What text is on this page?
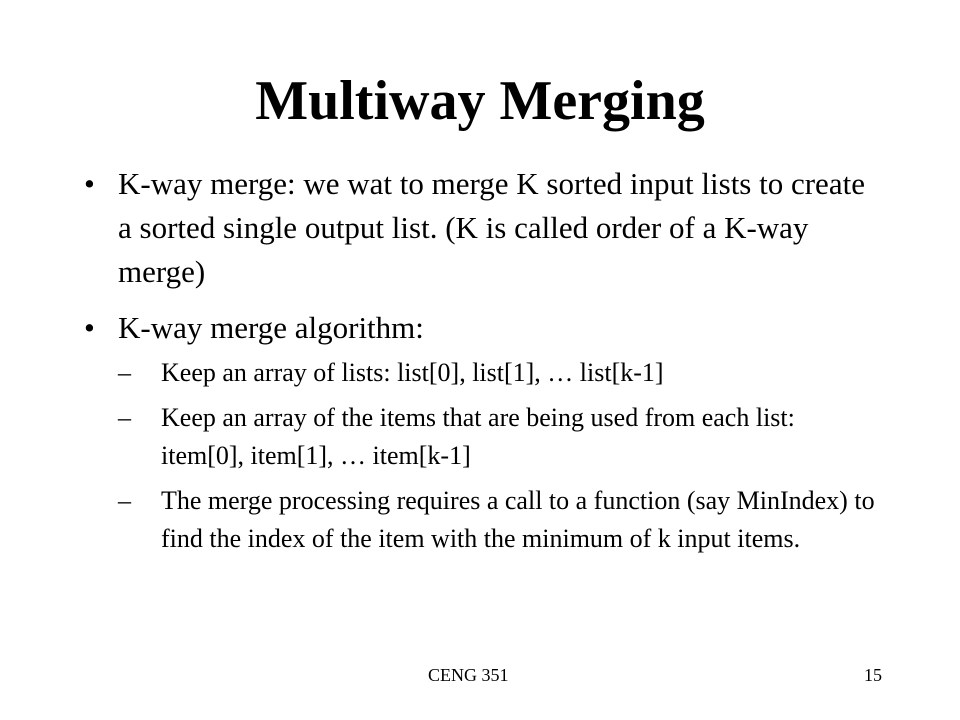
Multiway Merging
• K-way merge: we wat to merge K sorted input lists to create a sorted single output list. (K is called order of a K-way merge)
• K-way merge algorithm:
– Keep an array of lists: list[0], list[1], … list[k-1]
– Keep an array of the items that are being used from each list: item[0], item[1], … item[k-1]
– The merge processing requires a call to a function (say MinIndex) to find the index of the item with the minimum of k input items.
CENG 351	15
